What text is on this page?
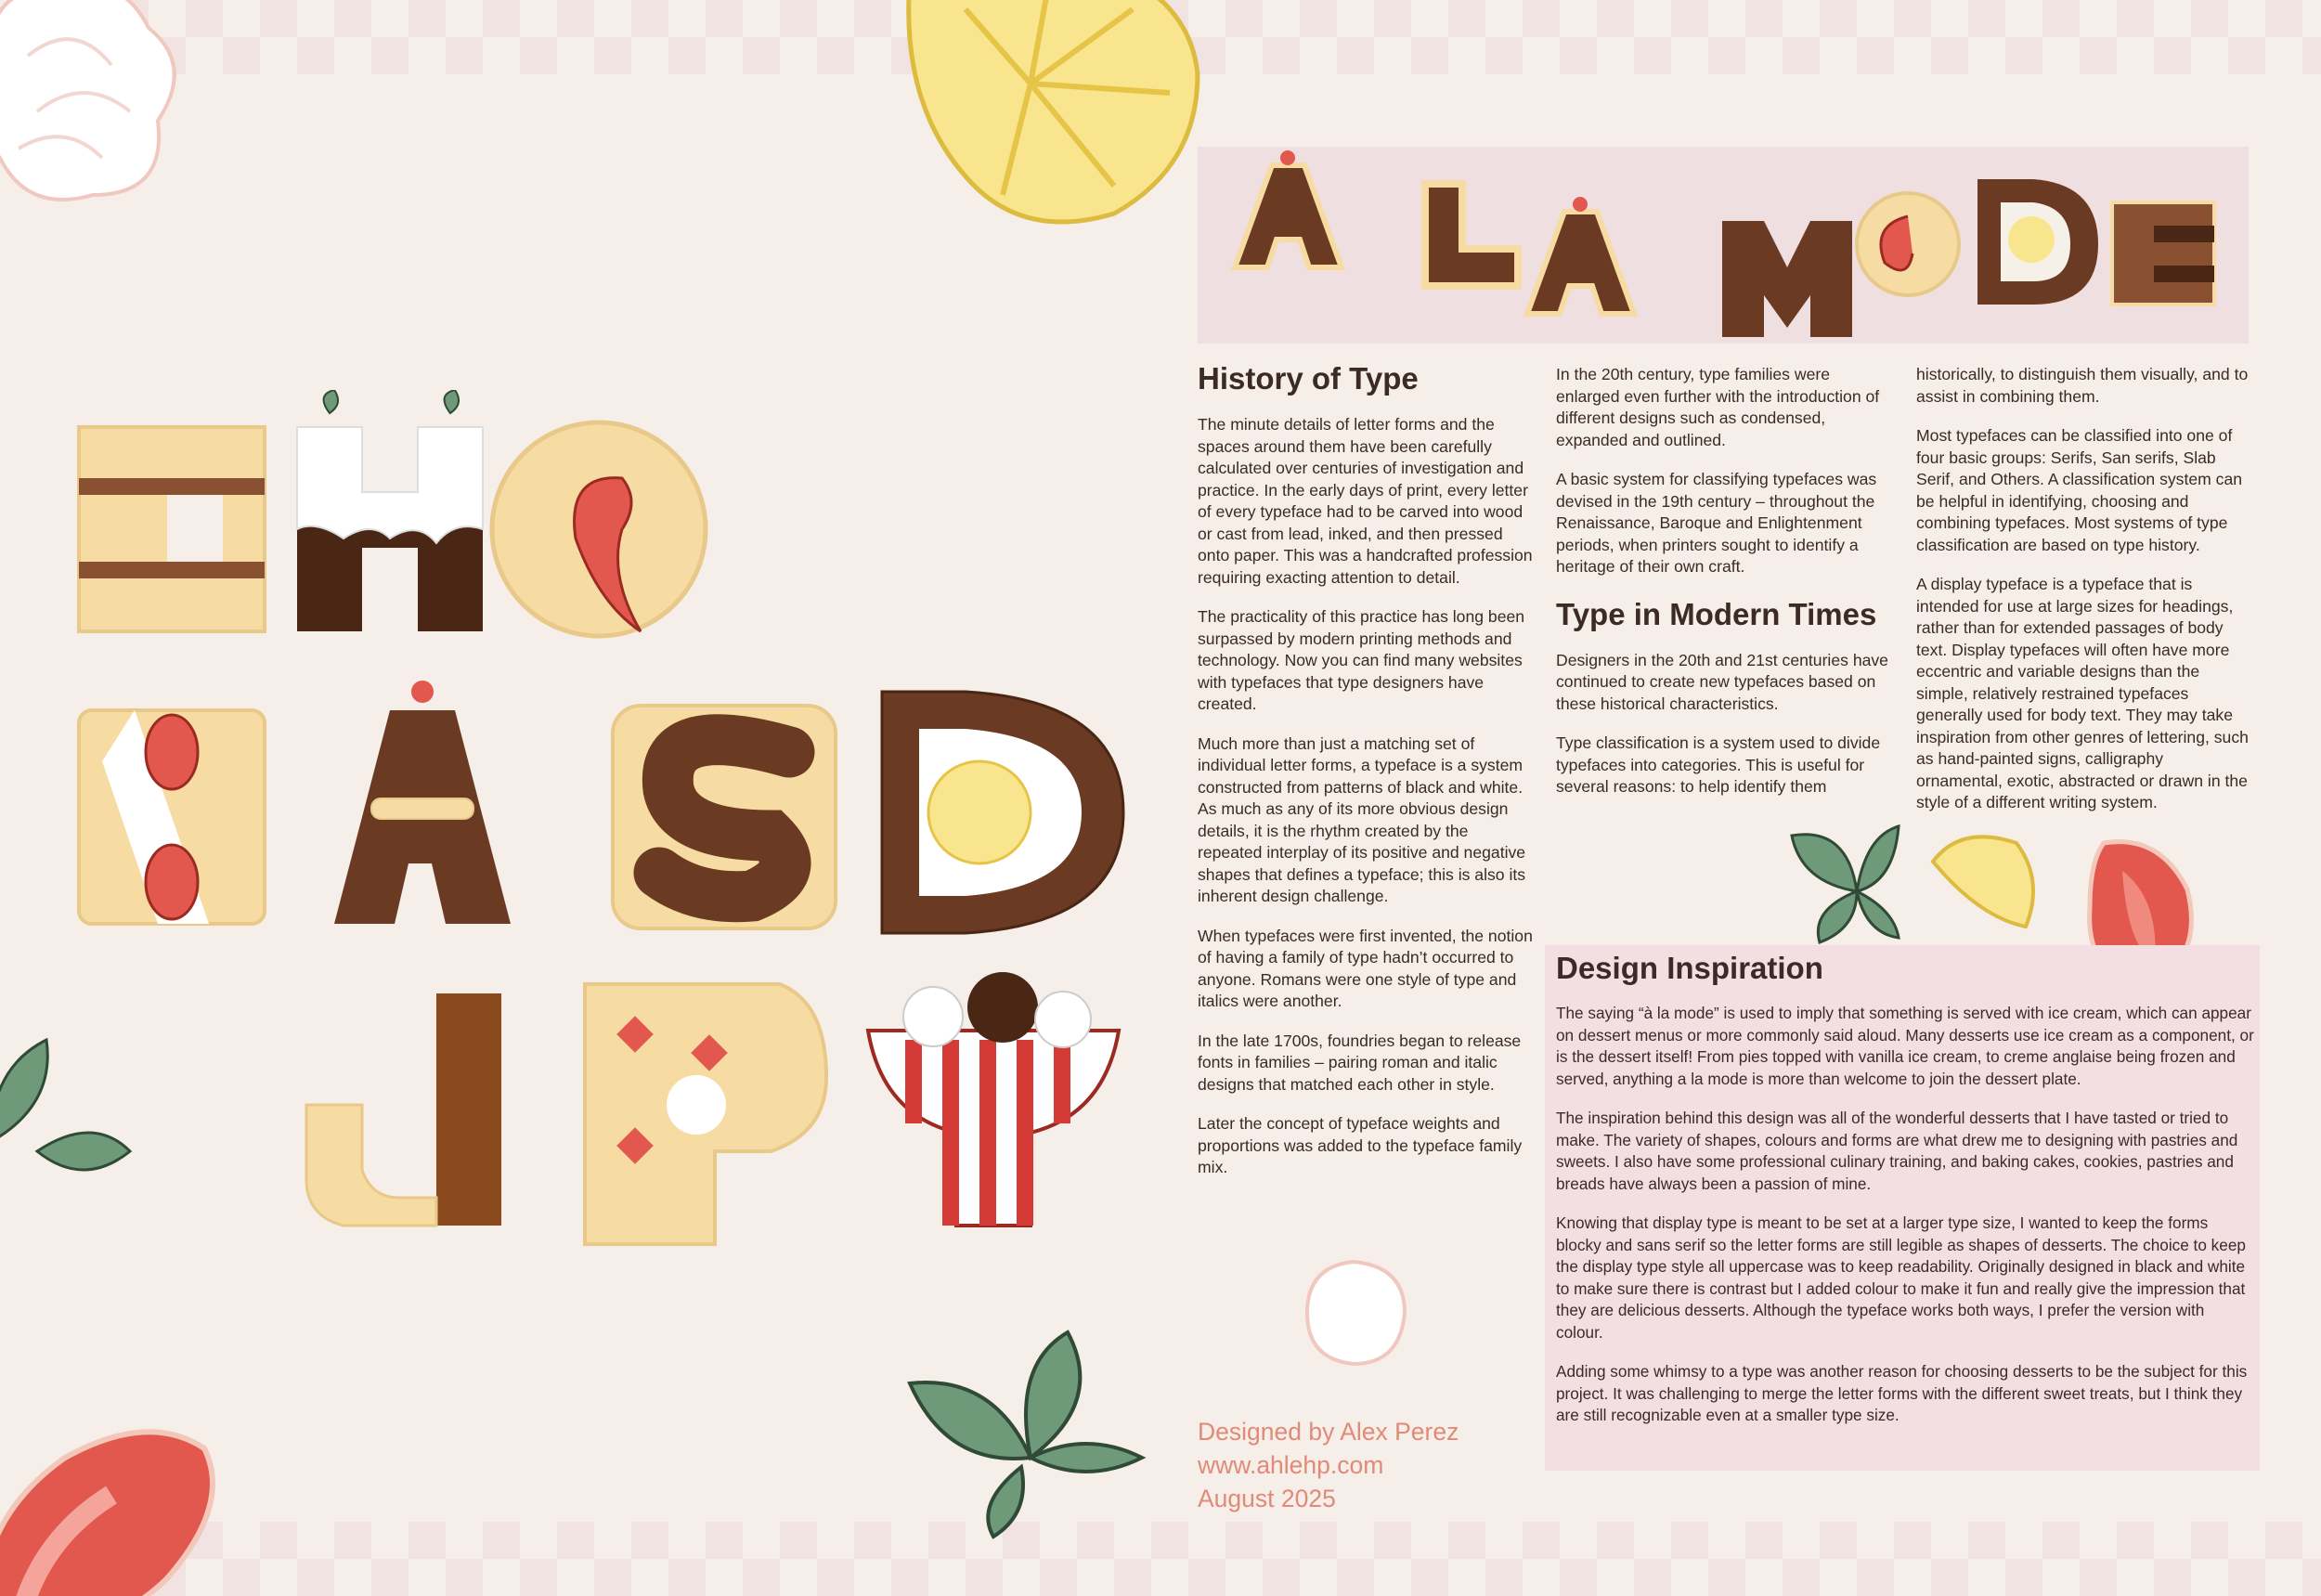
History of Type

The minute details of letter forms and the spaces around them have been carefully calculated over centuries of investigation and practice. In the early days of print, every letter of every typeface had to be carved into wood or cast from lead, inked, and then pressed onto paper. This was a handcrafted profession requiring exacting attention to detail.

The practicality of this practice has long been surpassed by modern printing methods and technology. Now you can find many websites with typefaces that type designers have created.

Much more than just a matching set of individual letter forms, a typeface is a system constructed from patterns of black and white. As much as any of its more obvious design details, it is the rhythm created by the repeated interplay of its positive and negative shapes that defines a typeface; this is also its inherent design challenge.

When typefaces were first invented, the notion of having a family of type hadn’t occurred to anyone. Romans were one style of type and italics were another.

In the late 1700s, foundries began to release fonts in families – pairing roman and italic designs that matched each other in style.

Later the concept of typeface weights and proportions was added to the typeface family mix.

In the 20th century, type families were enlarged even further with the introduction of different designs such as condensed, expanded and outlined.

A basic system for classifying typefaces was devised in the 19th century – throughout the Renaissance, Baroque and Enlightenment periods, when printers sought to identify a heritage of their own craft.

Type in Modern Times

Designers in the 20th and 21st centuries have continued to create new typefaces based on these historical characteristics.

Type classification is a system used to divide typefaces into categories. This is useful for several reasons: to help identify them

historically, to distinguish them visually, and to assist in combining them.

Most typefaces can be classified into one of four basic groups: Serifs, San serifs, Slab Serif, and Others. A classification system can be helpful in identifying, choosing and combining typefaces. Most systems of type classification are based on type history.

A display typeface is a typeface that is intended for use at large sizes for headings, rather than for extended passages of body text. Display typefaces will often have more eccentric and variable designs than the simple, relatively restrained typefaces generally used for body text. They may take inspiration from other genres of lettering, such as hand-painted signs, calligraphy ornamental, exotic, abstracted or drawn in the style of a different writing system.

Design Inspiration

The saying “à la mode” is used to imply that something is served with ice cream, which can appear on dessert menus or more commonly said aloud. Many desserts use ice cream as a component, or is the dessert itself! From pies topped with vanilla ice cream, to creme anglaise being frozen and served, anything a la mode is more than welcome to join the dessert plate.

The inspiration behind this design was all of the wonderful desserts that I have tasted or tried to make. The variety of shapes, colours and forms are what drew me to designing with pastries and sweets. I also have some professional culinary training, and baking cakes, cookies, pastries and breads have always been a passion of mine.

Knowing that display type is meant to be set at a larger type size, I wanted to keep the forms blocky and sans serif so the letter forms are still legible as shapes of desserts. The choice to keep the display type style all uppercase was to keep readability. Originally designed in black and white to make sure there is contrast but I added colour to make it fun and really give the impression that they are delicious desserts. Although the typeface works both ways, I prefer the version with colour.

Adding some whimsy to a type was another reason for choosing desserts to be the subject for this project. It was challenging to merge the letter forms with the different sweet treats, but I think they are still recognizable even at a smaller type size.

Designed by Alex Perez
www.ahlehp.com
August 2025
